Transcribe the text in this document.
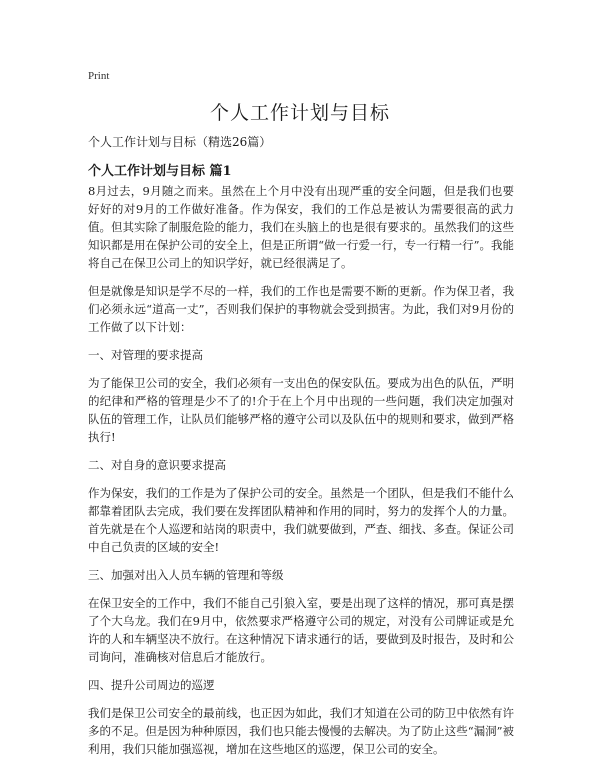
Print
个人工作计划与目标
个人工作计划与目标（精选26篇）
个人工作计划与目标 篇1

8月过去，9月随之而来。虽然在上个月中没有出现严重的安全问题，但是我们也要好好的对9月的工作做好准备。作为保安，我们的工作总是被认为需要很高的武力值。但其实除了制服危险的能力，我们在头脑上的也是很有要求的。虽然我们的这些知识都是用在保护公司的安全上，但是正所谓“做一行爱一行，专一行精一行”。我能将自己在保卫公司上的知识学好，就已经很满足了。

但是就像是知识是学不尽的一样，我们的工作也是需要不断的更新。作为保卫者，我们必须永远“道高一丈”，否则我们保护的事物就会受到损害。为此，我们对9月份的工作做了以下计划：

一、对管理的要求提高

为了能保卫公司的安全，我们必须有一支出色的保安队伍。要成为出色的队伍，严明的纪律和严格的管理是少不了的!介于在上个月中出现的一些问题，我们决定加强对队伍的管理工作，让队员们能够严格的遵守公司以及队伍中的规则和要求，做到严格执行!

二、对自身的意识要求提高

作为保安，我们的工作是为了保护公司的安全。虽然是一个团队，但是我们不能什么都靠着团队去完成，我们要在发挥团队精神和作用的同时，努力的发挥个人的力量。首先就是在个人巡逻和站岗的职责中，我们就要做到，严查、细找、多查。保证公司中自己负责的区域的安全!

三、加强对出入人员车辆的管理和等级

在保卫安全的工作中，我们不能自己引狼入室，要是出现了这样的情况，那可真是摆了个大乌龙。我们在9月中，依然要求严格遵守公司的规定，对没有公司牌证或是允许的人和车辆坚决不放行。在这种情况下请求通行的话，要做到及时报告，及时和公司询问，准确核对信息后才能放行。

四、提升公司周边的巡逻

我们是保卫公司安全的最前线，也正因为如此，我们才知道在公司的防卫中依然有许多的不足。但是因为种种原因，我们也只能去慢慢的去解决。为了防止这些“漏洞”被利用，我们只能加强巡视，增加在这些地区的巡逻，保卫公司的安全。
